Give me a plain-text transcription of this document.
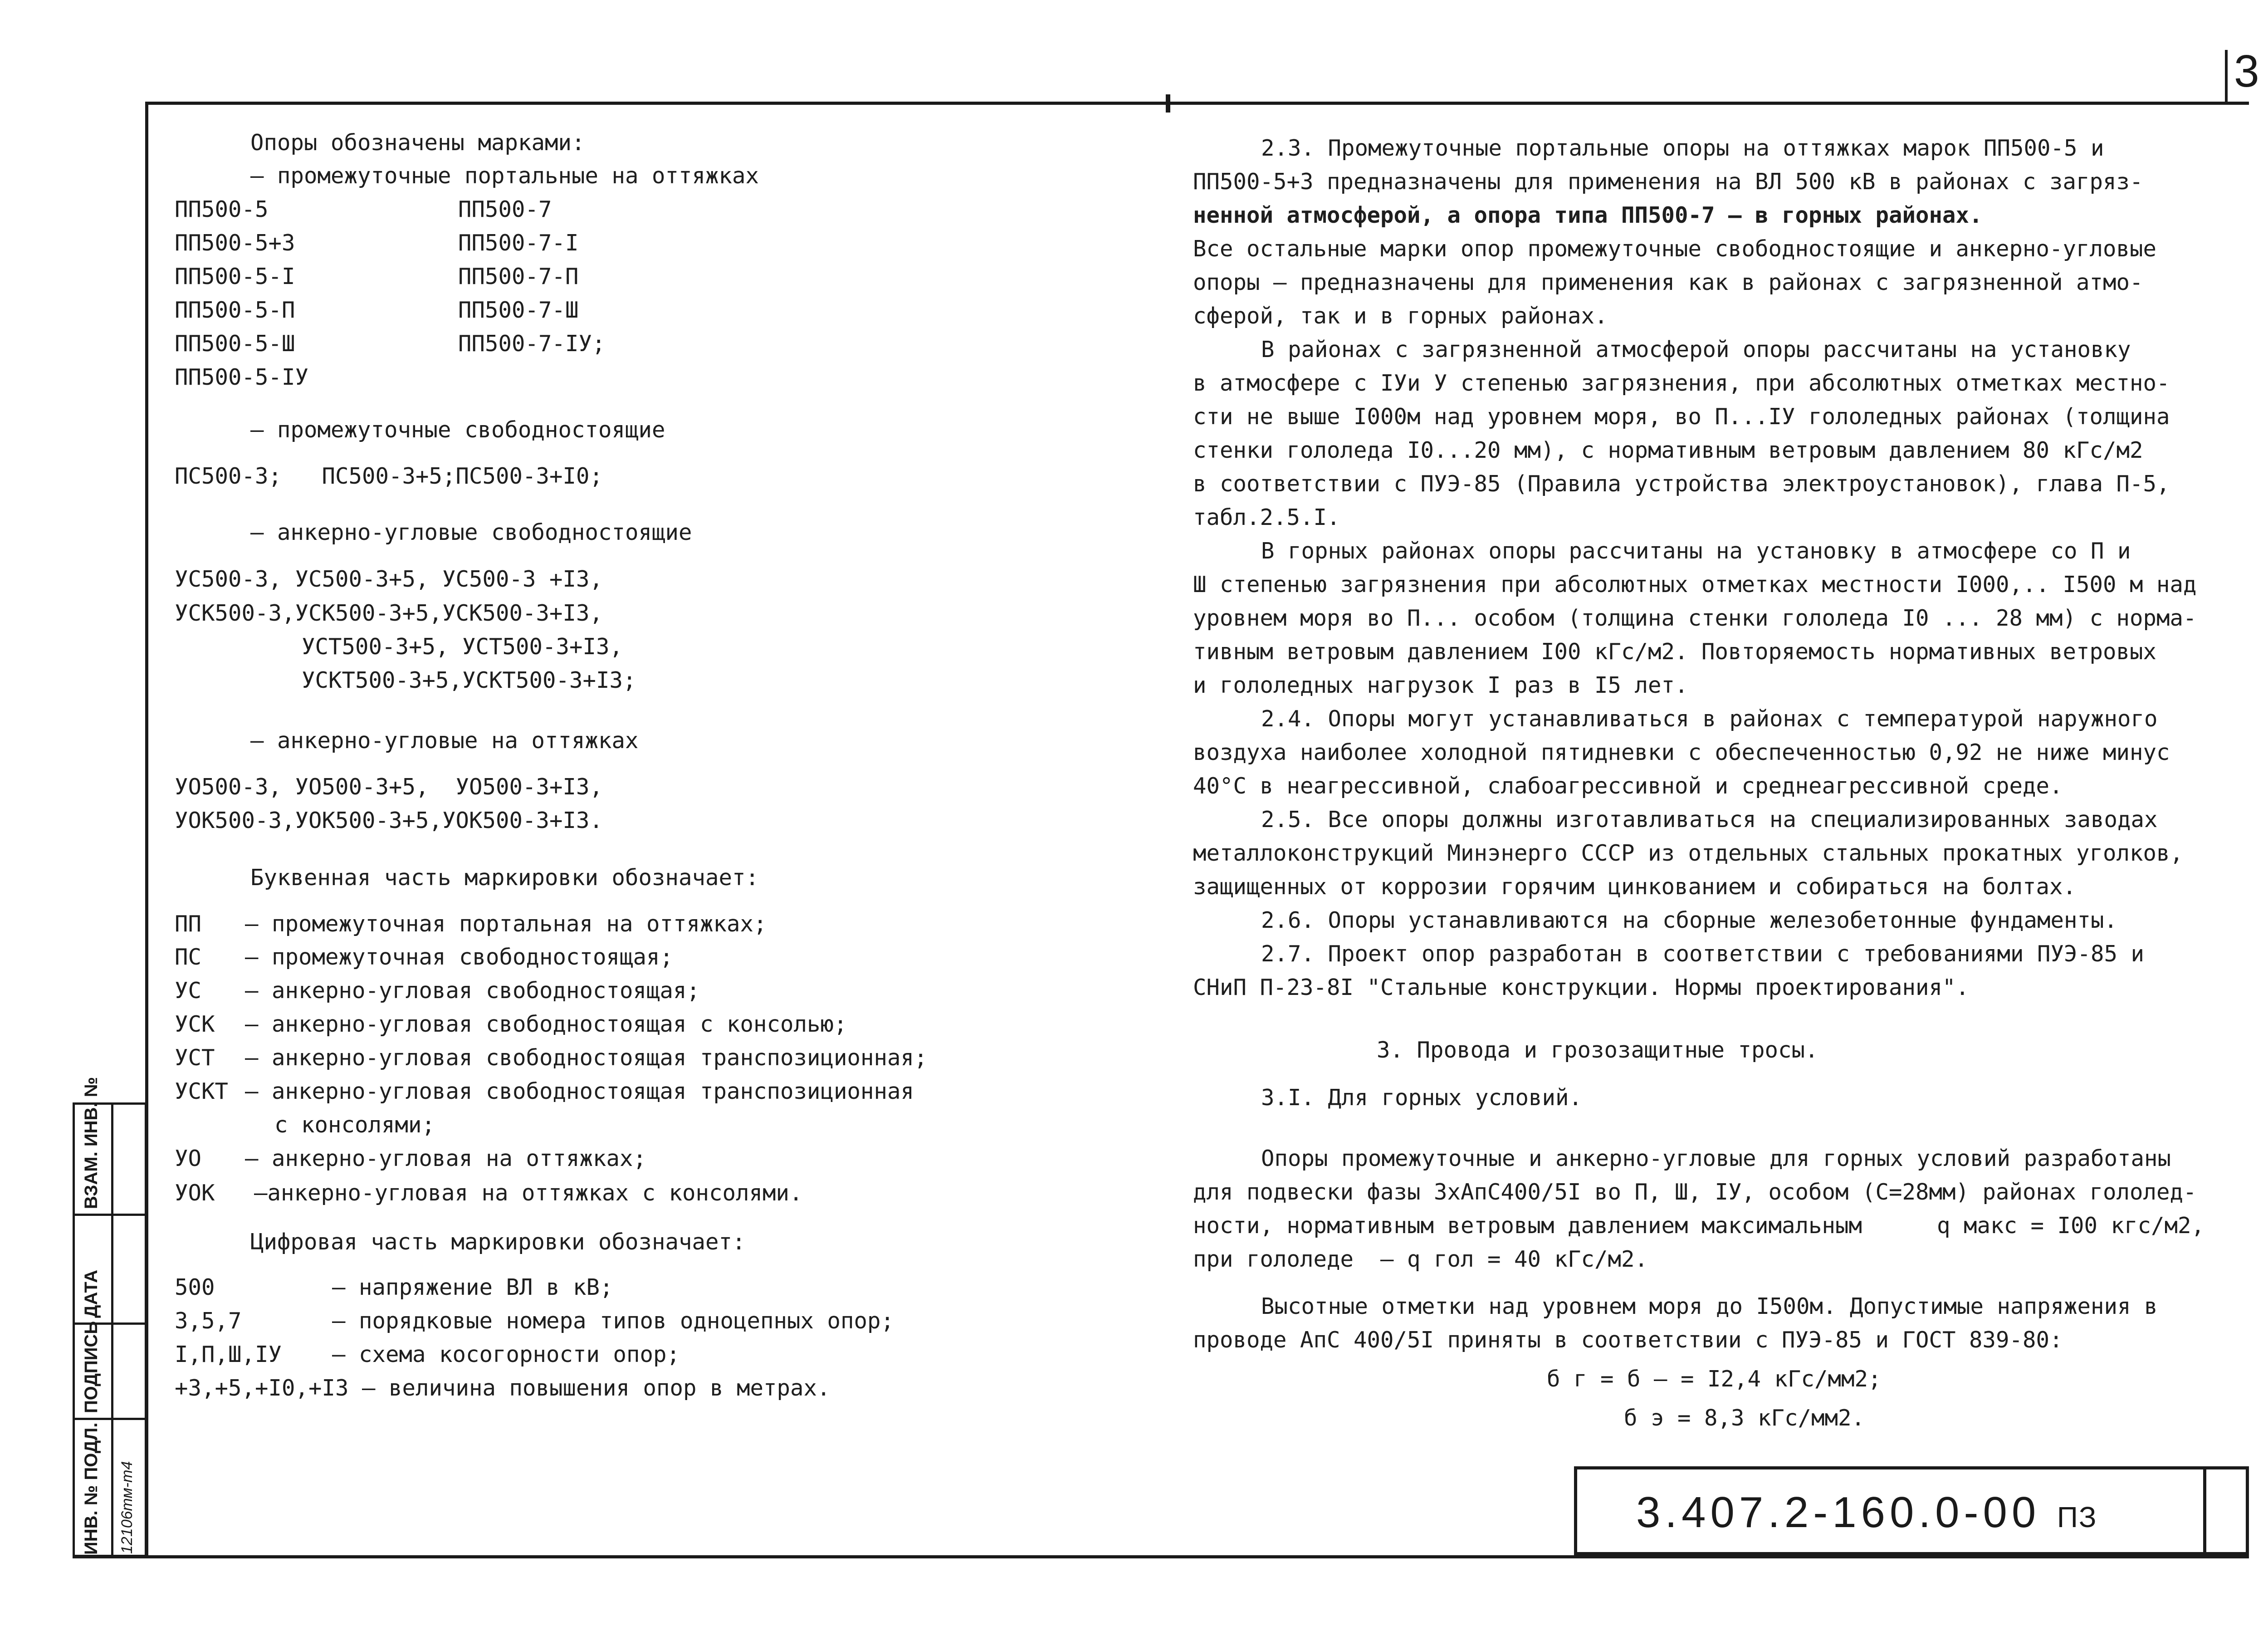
3
Опоры обозначены марками:
– промежуточные портальные на оттяжках
ПП500-5	ПП500-7
ПП500-5+3	ПП500-7-I
ПП500-5-I	ПП500-7-П
ПП500-5-П	ПП500-7-Ш
ПП500-5-Ш	ПП500-7-IУ;
ПП500-5-IУ
– промежуточные свободностоящие
ПС500-3;   ПС500-3+5;ПС500-3+I0;
– анкерно-угловые свободностоящие
УС500-3, УС500-3+5, УС500-3 +I3,
УСК500-3,УСК500-3+5,УСК500-3+I3,
УСТ500-3+5, УСТ500-3+I3,
УСКТ500-3+5,УСКТ500-3+I3;
– анкерно-угловые на оттяжках
УО500-3, УО500-3+5,  УО500-3+I3,
УОК500-3,УОК500-3+5,УОК500-3+I3.
Буквенная часть маркировки обозначает:
ПП – промежуточная портальная на оттяжках;
ПС – промежуточная свободностоящая;
УС – анкерно-угловая свободностоящая;
УСК – анкерно-угловая свободностоящая с консолью;
УСТ – анкерно-угловая свободностоящая транспозиционная;
УСКТ – анкерно-угловая свободностоящая транспозиционная
с консолями;
УО – анкерно-угловая на оттяжках;
УОК –анкерно-угловая на оттяжках с консолями.
Цифровая часть маркировки обозначает:
500	– напряжение ВЛ в кВ;
3,5,7	– порядковые номера типов одноцепных опор;
I,П,Ш,IУ – схема косогорности опор;
+3,+5,+I0,+I3 – величина повышения опор в метрах.
2.3. Промежуточные портальные опоры на оттяжках марок ПП500-5 и
ПП500-5+3 предназначены для применения на ВЛ 500 кВ в районах с загряз-
ненной атмосферой, а опора типа ПП500-7 – в горных районах.
Все остальные марки опор промежуточные свободностоящие и анкерно-угловые
опоры – предназначены для применения как в районах с загрязненной атмо-
сферой, так и в горных районах.
В районах с загрязненной атмосферой опоры рассчитаны на установку
в атмосфере с IУи У степенью загрязнения, при абсолютных отметках местно-
сти не выше I000м над уровнем моря, во П...IУ гололедных районах (толщина
стенки гололеда I0...20 мм), с нормативным ветровым давлением 80 кГс/м2
в соответствии с ПУЭ-85 (Правила устройства электроустановок), глава П-5,
табл.2.5.I.
В горных районах опоры рассчитаны на установку в атмосфере со П и
Ш степенью загрязнения при абсолютных отметках местности I000,.. I500 м над
уровнем моря во П... особом (толщина стенки гололеда I0 ... 28 мм) с норма-
тивным ветровым давлением I00 кГс/м2. Повторяемость нормативных ветровых
и гололедных нагрузок I раз в I5 лет.
2.4. Опоры могут устанавливаться в районах с температурой наружного
воздуха наиболее холодной пятидневки с обеспеченностью 0,92 не ниже минус
40°С в неагрессивной, слабоагрессивной и среднеагрессивной среде.
2.5. Все опоры должны изготавливаться на специализированных заводах
металлоконструкций Минэнерго СССР из отдельных стальных прокатных уголков,
защищенных от коррозии горячим цинкованием и собираться на болтах.
2.6. Опоры устанавливаются на сборные железобетонные фундаменты.
2.7. Проект опор разработан в соответствии с требованиями ПУЭ-85 и
СНиП П-23-8I "Стальные конструкции. Нормы проектирования".
3. Провода и грозозащитные тросы.
3.I. Для горных условий.
Опоры промежуточные и анкерно-угловые для горных условий разработаны
для подвески фазы 3хАпС400/5I во П, Ш, IУ, особом (С=28мм) районах гололед-
ности, нормативным ветровым давлением максимальным	q макс = I00 кгс/м2,
при гололеде  – q гол = 40 кГс/м2.
Высотные отметки над уровнем моря до I500м. Допустимые напряжения в
проводе АпС 400/5I приняты в соответствии с ПУЭ-85 и ГОСТ 839-80:
б г = б – = I2,4 кГс/мм2;
б э = 8,3 кГс/мм2.
ВЗАМ. ИНВ. №
ДАТА
ПОДПИСЬ
ИНВ. № ПОДЛ. 12106тм-т4	3.407.2-160.0-00 ПЗ
